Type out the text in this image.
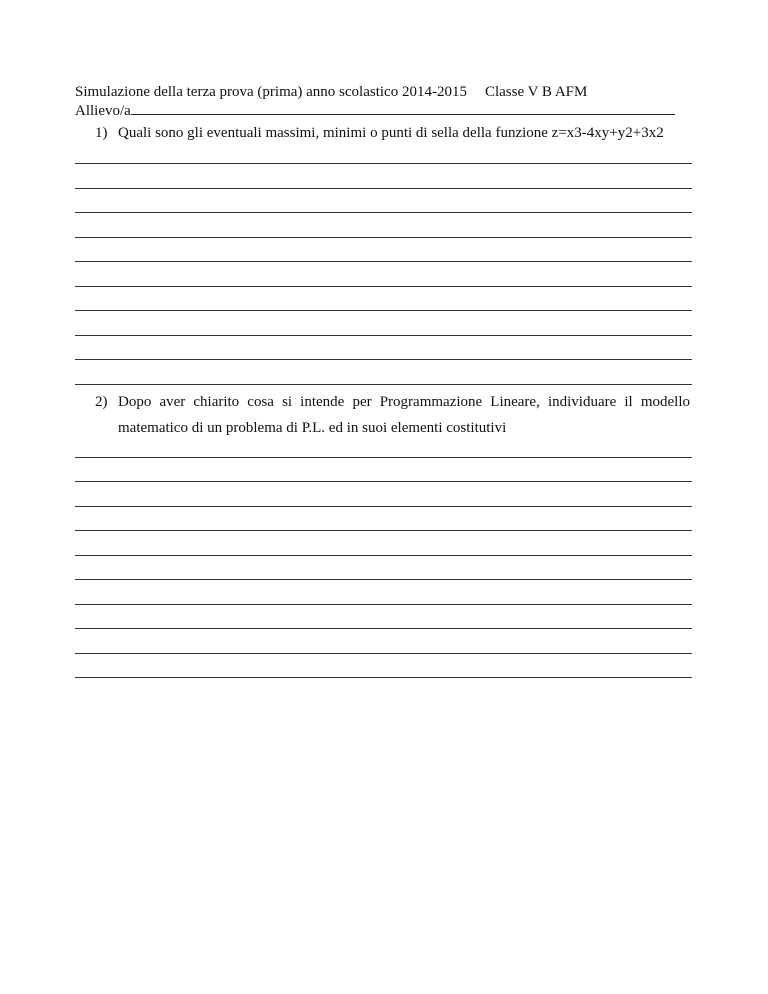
Simulazione della terza prova (prima) anno scolastico 2014-2015 Classe V B AFM
Allievo/a
1) Quali sono gli eventuali massimi, minimi o punti di sella della funzione z=x3-4xy+y2+3x2
2) Dopo aver chiarito cosa si intende per Programmazione Lineare, individuare il modello matematico di un problema di P.L. ed in suoi elementi costitutivi
